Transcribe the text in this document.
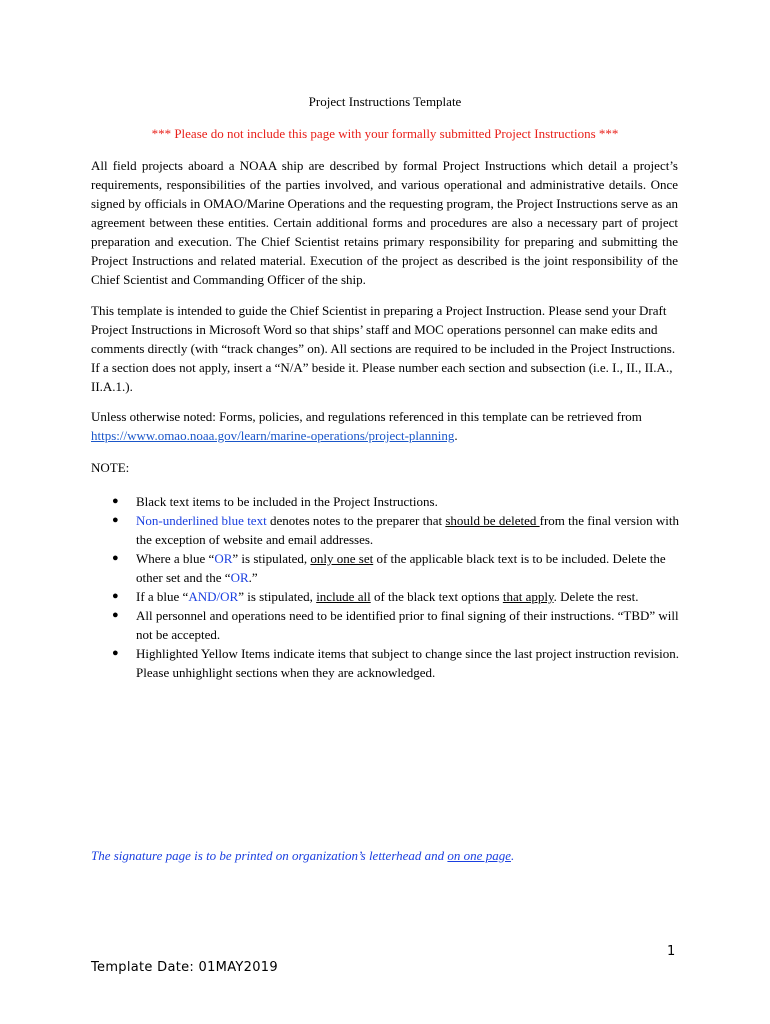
Project Instructions Template
*** Please do not include this page with your formally submitted Project Instructions ***
All field projects aboard a NOAA ship are described by formal Project Instructions which detail a project’s requirements, responsibilities of the parties involved, and various operational and administrative details. Once signed by officials in OMAO/Marine Operations and the requesting program, the Project Instructions serve as an agreement between these entities. Certain additional forms and procedures are also a necessary part of project preparation and execution. The Chief Scientist retains primary responsibility for preparing and submitting the Project Instructions and related material. Execution of the project as described is the joint responsibility of the Chief Scientist and Commanding Officer of the ship.
This template is intended to guide the Chief Scientist in preparing a Project Instruction. Please send your Draft Project Instructions in Microsoft Word so that ships’ staff and MOC operations personnel can make edits and comments directly (with “track changes” on). All sections are required to be included in the Project Instructions. If a section does not apply, insert a “N/A” beside it. Please number each section and subsection (i.e. I., II., II.A., II.A.1.).
Unless otherwise noted: Forms, policies, and regulations referenced in this template can be retrieved from https://www.omao.noaa.gov/learn/marine-operations/project-planning.
NOTE:
● Black text items to be included in the Project Instructions.
● Non-underlined blue text denotes notes to the preparer that should be deleted from the final version with the exception of website and email addresses.
● Where a blue “OR” is stipulated, only one set of the applicable black text is to be included. Delete the other set and the “OR.”
● If a blue “AND/OR” is stipulated, include all of the black text options that apply. Delete the rest.
● All personnel and operations need to be identified prior to final signing of their instructions. “TBD” will not be accepted.
● Highlighted Yellow Items indicate items that subject to change since the last project instruction revision. Please unhighlight sections when they are acknowledged.
The signature page is to be printed on organization’s letterhead and on one page.
1
Template Date: 01MAY2019
